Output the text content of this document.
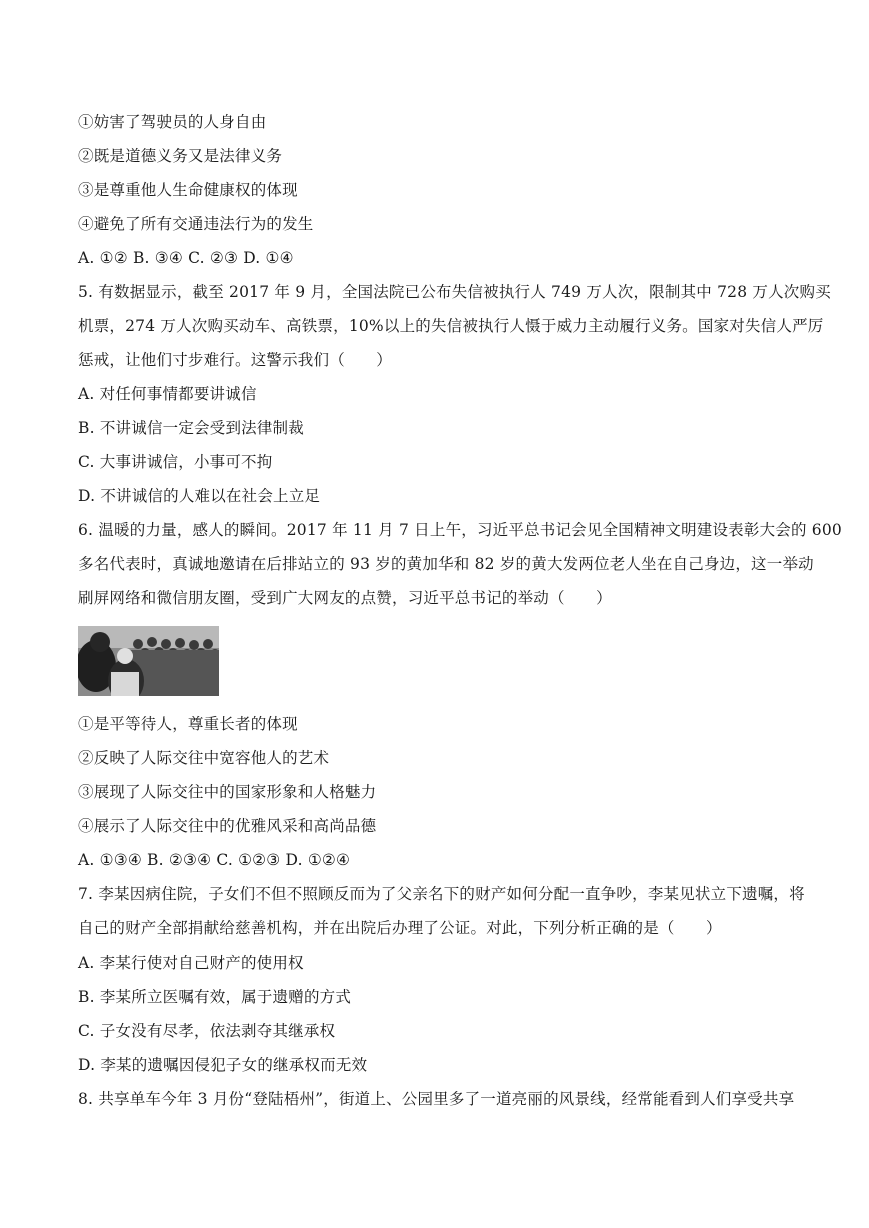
①妨害了驾驶员的人身自由
②既是道德义务又是法律义务
③是尊重他人生命健康权的体现
④避免了所有交通违法行为的发生
A. ①② B. ③④ C. ②③ D. ①④
5. 有数据显示，截至 2017 年 9 月，全国法院已公布失信被执行人 749 万人次，限制其中 728 万人次购买
机票，274 万人次购买动车、高铁票，10%以上的失信被执行人慑于威力主动履行义务。国家对失信人严厉
惩戒，让他们寸步难行。这警示我们（　　）
A. 对任何事情都要讲诚信
B. 不讲诚信一定会受到法律制裁
C. 大事讲诚信，小事可不拘
D. 不讲诚信的人难以在社会上立足
6. 温暖的力量，感人的瞬间。2017 年 11 月 7 日上午，习近平总书记会见全国精神文明建设表彰大会的 600
多名代表时，真诚地邀请在后排站立的 93 岁的黄加华和 82 岁的黄大发两位老人坐在自己身边，这一举动
刷屏网络和微信朋友圈，受到广大网友的点赞，习近平总书记的举动（　　）
①是平等待人，尊重长者的体现
②反映了人际交往中宽容他人的艺术
③展现了人际交往中的国家形象和人格魅力
④展示了人际交往中的优雅风采和高尚品德
A. ①③④ B. ②③④ C. ①②③ D. ①②④
7. 李某因病住院，子女们不但不照顾反而为了父亲名下的财产如何分配一直争吵，李某见状立下遗嘱，将
自己的财产全部捐献给慈善机构，并在出院后办理了公证。对此，下列分析正确的是（　　）
A. 李某行使对自己财产的使用权
B. 李某所立医嘱有效，属于遗赠的方式
C. 子女没有尽孝，依法剥夺其继承权
D. 李某的遗嘱因侵犯子女的继承权而无效
8. 共享单车今年 3 月份“登陆梧州”，街道上、公园里多了一道亮丽的风景线，经常能看到人们享受共享
